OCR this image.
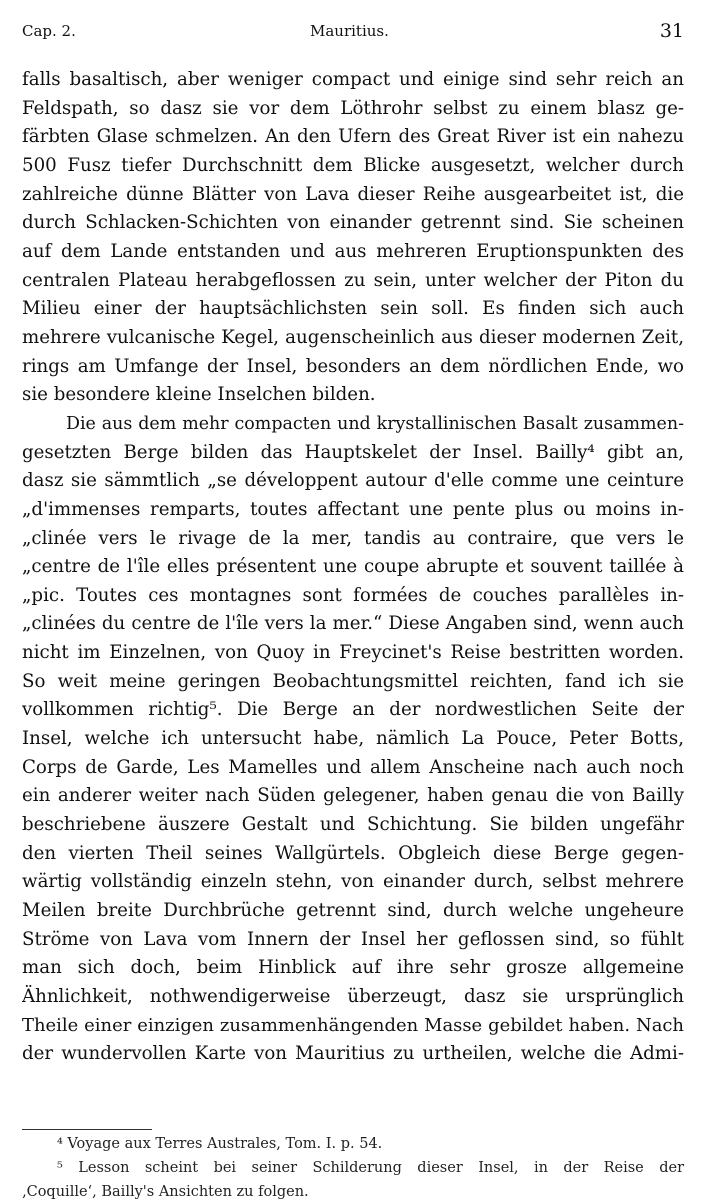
Cap. 2.	Mauritius.	31
falls basaltisch, aber weniger compact und einige sind sehr reich an
Feldspath, so dasz sie vor dem Löthrohr selbst zu einem blasz ge-
färbten Glase schmelzen. An den Ufern des Great River ist ein nahezu
500 Fusz tiefer Durchschnitt dem Blicke ausgesetzt, welcher durch
zahlreiche dünne Blätter von Lava dieser Reihe ausgearbeitet ist, die
durch Schlacken-Schichten von einander getrennt sind. Sie scheinen
auf dem Lande entstanden und aus mehreren Eruptionspunkten des
centralen Plateau herabgeflossen zu sein, unter welcher der Piton du
Milieu einer der hauptsächlichsten sein soll. Es finden sich auch
mehrere vulcanische Kegel, augenscheinlich aus dieser modernen Zeit,
rings am Umfange der Insel, besonders an dem nördlichen Ende, wo
sie besondere kleine Inselchen bilden.
Die aus dem mehr compacten und krystallinischen Basalt zusammen-
gesetzten Berge bilden das Hauptskelet der Insel. Bailly⁴ gibt an,
dasz sie sämmtlich „se développent autour d'elle comme une ceinture
„d'immenses remparts, toutes affectant une pente plus ou moins in-
„clinée vers le rivage de la mer, tandis au contraire, que vers le
„centre de l'île elles présentent une coupe abrupte et souvent taillée à
„pic. Toutes ces montagnes sont formées de couches parallèles in-
„clinées du centre de l'île vers la mer.“ Diese Angaben sind, wenn auch
nicht im Einzelnen, von Quoy in Freycinet's Reise bestritten worden.
So weit meine geringen Beobachtungsmittel reichten, fand ich sie
vollkommen richtig⁵. Die Berge an der nordwestlichen Seite der
Insel, welche ich untersucht habe, nämlich La Pouce, Peter Botts,
Corps de Garde, Les Mamelles und allem Anscheine nach auch noch
ein anderer weiter nach Süden gelegener, haben genau die von Bailly
beschriebene äuszere Gestalt und Schichtung. Sie bilden ungefähr
den vierten Theil seines Wallgürtels. Obgleich diese Berge gegen-
wärtig vollständig einzeln stehn, von einander durch, selbst mehrere
Meilen breite Durchbrüche getrennt sind, durch welche ungeheure
Ströme von Lava vom Innern der Insel her geflossen sind, so fühlt
man sich doch, beim Hinblick auf ihre sehr grosze allgemeine
Ähnlichkeit, nothwendigerweise überzeugt, dasz sie ursprünglich
Theile einer einzigen zusammenhängenden Masse gebildet haben. Nach
der wundervollen Karte von Mauritius zu urtheilen, welche die Admi-
⁴ Voyage aux Terres Australes, Tom. I. p. 54.
⁵ Lesson scheint bei seiner Schilderung dieser Insel, in der Reise der
‚Coquille‘, Bailly's Ansichten zu folgen.
